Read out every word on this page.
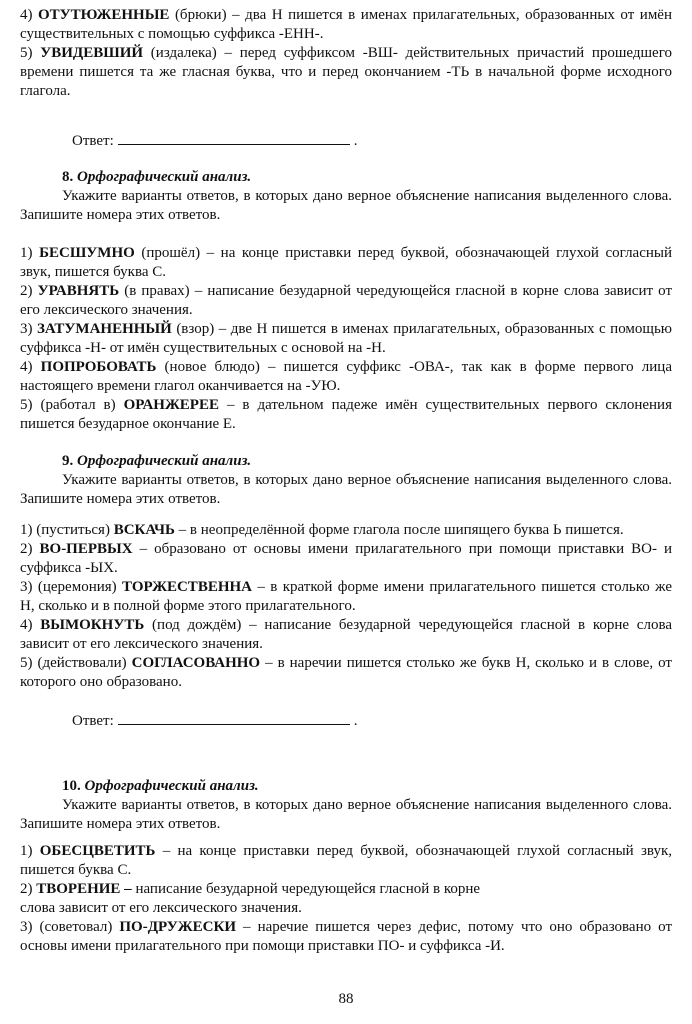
4) ОТУТЮЖЕННЫЕ (брюки) – два Н пишется в именах прилагательных, образованных от имён существительных с помощью суффикса -ЕНН-.

5) УВИДЕВШИЙ (издалека) – перед суффиксом -ВШ- действительных причастий прошедшего времени пишется та же гласная буква, что и перед окончанием -ТЬ в начальной форме исходного глагола.

Ответ:	.

8. Орфографический анализ.

Укажите варианты ответов, в которых дано верное объяснение написания выделенного слова. Запишите номера этих ответов.

1) БЕСШУМНО (прошёл) – на конце приставки перед буквой, обозначающей глухой согласный звук, пишется буква С.

2) УРАВНЯТЬ (в правах) – написание безударной чередующейся гласной в корне слова зависит от его лексического значения.

3) ЗАТУМАНЕННЫЙ (взор) – две Н пишется в именах прилагательных, образованных с помощью суффикса -Н- от имён существительных с основой на -Н.

4) ПОПРОБОВАТЬ (новое блюдо) – пишется суффикс -ОВА-, так как в форме первого лица настоящего времени глагол оканчивается на -УЮ.

5) (работал в) ОРАНЖЕРЕЕ – в дательном падеже имён существительных первого склонения пишется безударное окончание Е.

9. Орфографический анализ.

Укажите варианты ответов, в которых дано верное объяснение написания выделенного слова. Запишите номера этих ответов.

1) (пуститься) ВСКАЧЬ – в неопределённой форме глагола после шипящего буква Ь пишется.

2) ВО-ПЕРВЫХ – образовано от основы имени прилагательного при помощи приставки ВО- и суффикса -ЫХ.

3) (церемония) ТОРЖЕСТВЕННА – в краткой форме имени прилагательного пишется столько же Н, сколько и в полной форме этого прилагательного.

4) ВЫМОКНУТЬ (под дождём) – написание безударной чередующейся гласной в корне слова зависит от его лексического значения.

5) (действовали) СОГЛАСОВАННО – в наречии пишется столько же букв Н, сколько и в слове, от которого оно образовано.

Ответ:	.

10. Орфографический анализ.

Укажите варианты ответов, в которых дано верное объяснение написания выделенного слова. Запишите номера этих ответов.

1) ОБЕСЦВЕТИТЬ – на конце приставки перед буквой, обозначающей глухой согласный звук, пишется буква С.

2) ТВОРЕНИЕ – написание безударной чередующейся гласной в корне
слова зависит от его лексического значения.

3) (советовал) ПО-ДРУЖЕСКИ – наречие пишется через дефис, потому что оно образовано от основы имени прилагательного при помощи приставки ПО- и суффикса -И.

88
